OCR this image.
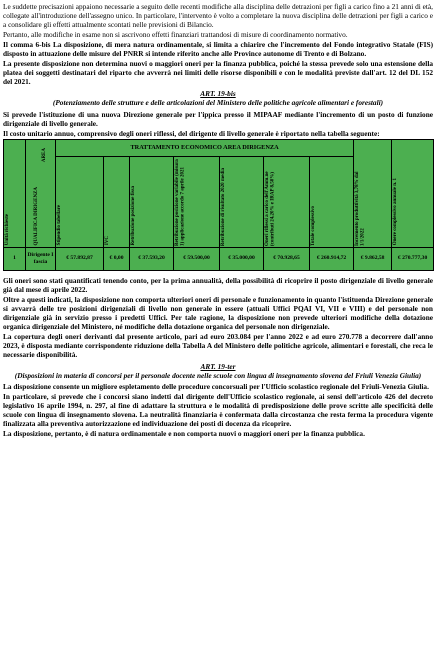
Le suddette precisazioni appaiono necessarie a seguito delle recenti modifiche alla disciplina delle detrazioni per figli a carico fino a 21 anni di età, collegate all'introduzione dell'assegno unico. In particolare, l'intervento è volto a completare la nuova disciplina delle detrazioni per figli a carico e a consolidare gli effetti attualmente scontati nelle previsioni di Bilancio.

Pertanto, alle modifiche in esame non si ascrivono effetti finanziari trattandosi di misure di coordinamento normativo.

Il comma 6-bis La disposizione, di mera natura ordinamentale, si limita a chiarire che l'incremento del Fondo integrativo Statale (FIS) disposto in attuazione delle misure del PNRR si intende riferito anche alle Province autonome di Trento e di Bolzano.

La presente disposizione non determina nuovi o maggiori oneri per la finanza pubblica, poiché la stessa prevede solo una estensione della platea dei soggetti destinatari del riparto che avverrà nei limiti delle risorse disponibili e con le modalità previste dall'art. 12 del DL 152 del 2021.

ART. 19-bis
(Potenziamento delle strutture e delle articolazioni del Ministero delle politiche agricole alimentari e forestali)

Si prevede l'istituzione di una nuova Direzione generale per l'ippica presso il MIPAAF mediante l'incremento di un posto di funzione dirigenziale di livello generale.

Il costo unitario annuo, comprensivo degli oneri riflessi, del dirigente di livello generale è riportato nella tabella seguente:

Unità richieste	QUALIFICA DIRIGENZA
AREA	TRATTAMENTO ECONOMICO AREA DIRIGENZA							Incremento produttività 3,78% dal 1/1/2022	Onere complessivo annuale n. 1

		Stipendio tabellare	IVC	Retribuzione posizione fissa	Retribuzione posizione variabile (misura 1) applicazione accordo 7 aprile 2021	Retribuzione di risultato 2020 media	Oneri riflessi a carico dell'Amm.ne (contributi 24,20% e IRAP 8,50%)	Totale complessivo		

1	Dirigente I fascia	€ 57.892,87	€ 0,00	€ 37.593,20	€ 59.500,00	€ 35.000,00	€ 70.928,65	€ 260.914,72	€ 9.862,58	€ 270.777,30

Gli oneri sono stati quantificati tenendo conto, per la prima annualità, della possibilità di ricoprire il posto dirigenziale di livello generale già dal mese di aprile 2022.

Oltre a questi indicati, la disposizione non comporta ulteriori oneri di personale e funzionamento in quanto l'istituenda Direzione generale si avvarrà delle tre posizioni dirigenziali di livello non generale in essere (attuali Uffici PQAI VI, VII e VIII) e del personale non dirigenziale già in servizio presso i predetti Uffici. Per tale ragione, la disposizione non prevede ulteriori modifiche della dotazione organica dirigenziale del Ministero, né modifiche della dotazione organica del personale non dirigenziale.

La copertura degli oneri derivanti dal presente articolo, pari ad euro 203.084 per l'anno 2022 e ad euro 270.778 a decorrere dall'anno 2023, è disposta mediante corrispondente riduzione della Tabella A del Ministero delle politiche agricole, alimentari e forestali, che reca le necessarie disponibilità.

ART. 19-ter
(Disposizioni in materia di concorsi per il personale docente nelle scuole con lingua di insegnamento slovena del Friuli Venezia Giulia)

La disposizione consente un migliore espletamento delle procedure concorsuali per l'Ufficio scolastico regionale del Friuli-Venezia Giulia.

In particolare, si prevede che i concorsi siano indetti dal dirigente dell'Ufficio scolastico regionale, ai sensi dell'articolo 426 del decreto legislativo 16 aprile 1994, n. 297, al fine di adattare la struttura e le modalità di predisposizione delle prove scritte alle specificità delle scuole con lingua di insegnamento slovena. La neutralità finanziaria è confermata dalla circostanza che resta ferma la procedura vigente finalizzata alla preventiva autorizzazione ed individuazione dei posti di docenza da ricoprire.

La disposizione, pertanto, è di natura ordinamentale e non comporta nuovi o maggiori oneri per la finanza pubblica.
